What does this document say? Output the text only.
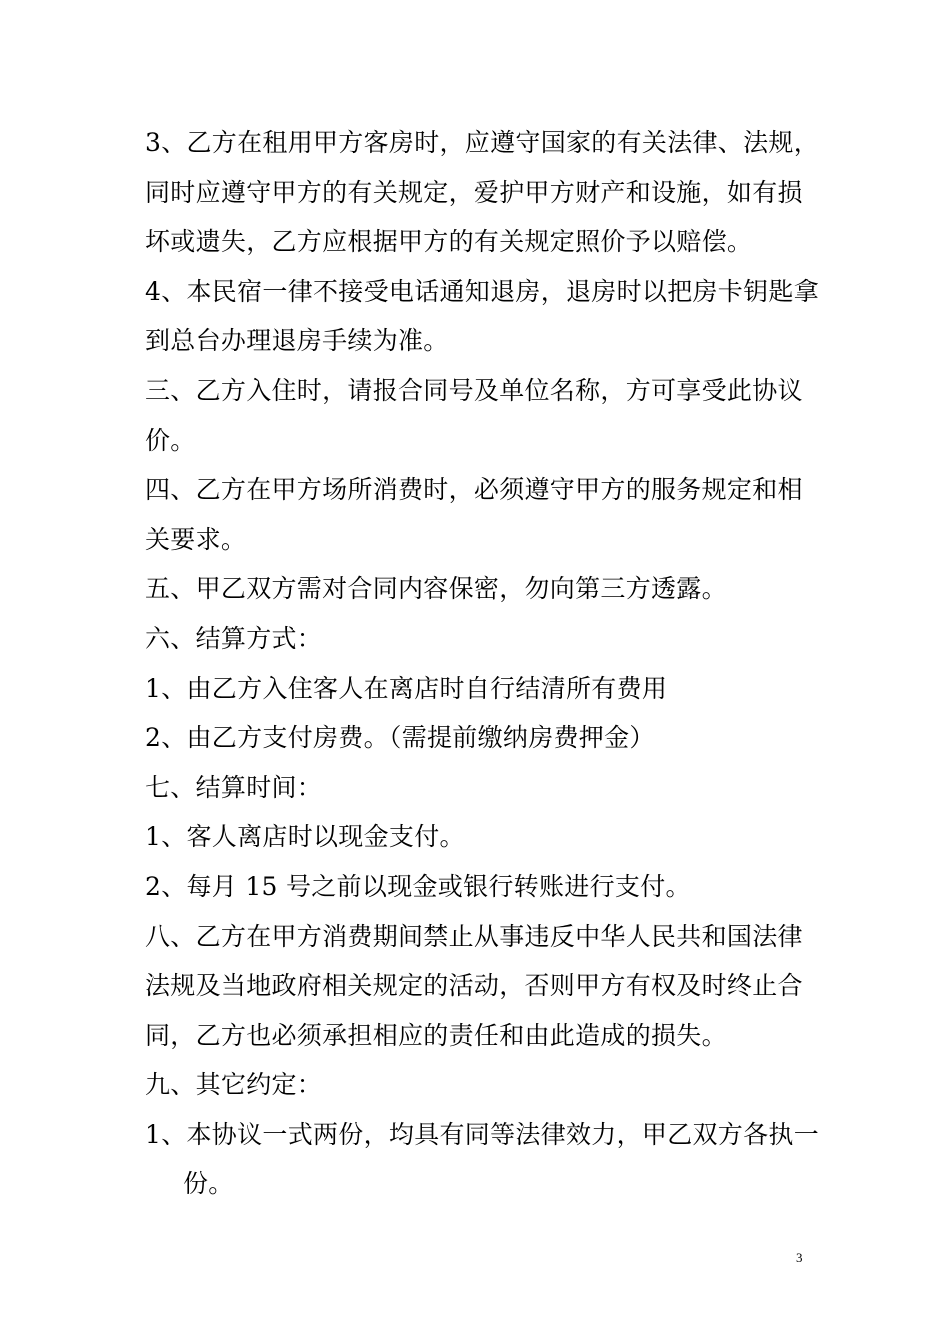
3、乙方在租用甲方客房时，应遵守国家的有关法律、法规，同时应遵守甲方的有关规定，爱护甲方财产和设施，如有损坏或遗失，乙方应根据甲方的有关规定照价予以赔偿。

4、本民宿一律不接受电话通知退房，退房时以把房卡钥匙拿到总台办理退房手续为准。

三、乙方入住时，请报合同号及单位名称，方可享受此协议价。

四、乙方在甲方场所消费时，必须遵守甲方的服务规定和相关要求。

五、甲乙双方需对合同内容保密，勿向第三方透露。

六、结算方式：

1、由乙方入住客人在离店时自行结清所有费用

2、由乙方支付房费。（需提前缴纳房费押金）

七、结算时间：

1、客人离店时以现金支付。

2、每月 15 号之前以现金或银行转账进行支付。

八、乙方在甲方消费期间禁止从事违反中华人民共和国法律法规及当地政府相关规定的活动，否则甲方有权及时终止合同，乙方也必须承担相应的责任和由此造成的损失。

九、其它约定：

1、本协议一式两份，均具有同等法律效力，甲乙双方各执一份。

3
